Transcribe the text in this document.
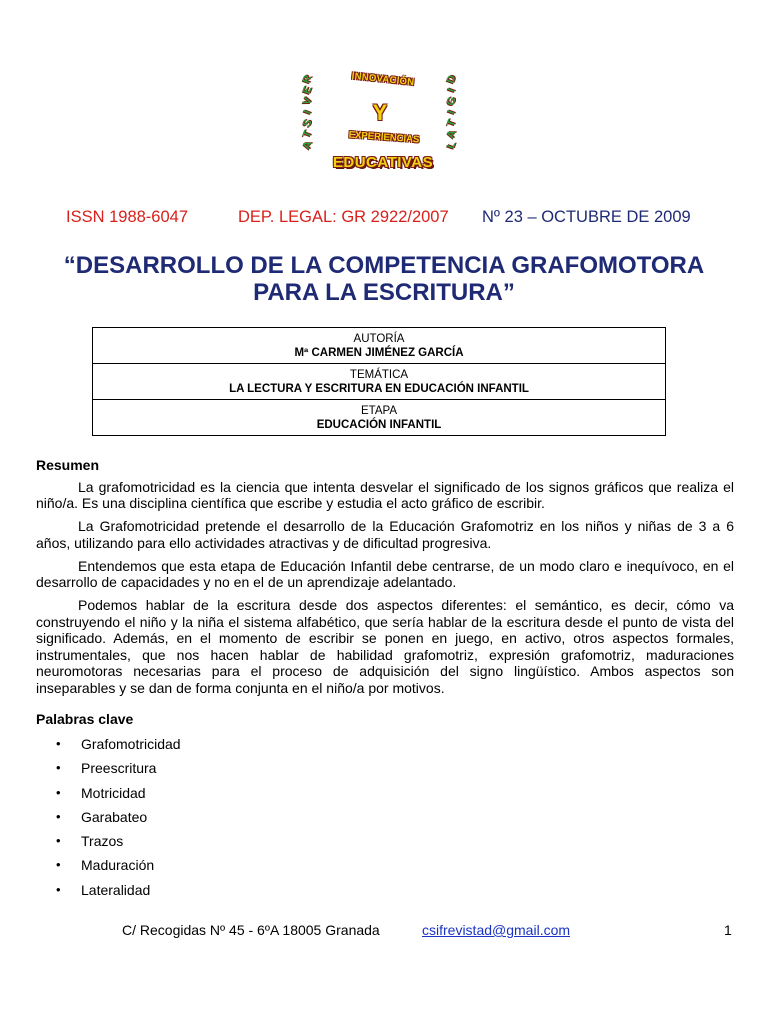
R
E
V
I
S
T
A
D
I
G
I
T
A
L
INNOVACIÓN
Y
EXPERIENCIAS
EDUCATIVAS
ISSN 1988-6047	DEP. LEGAL: GR 2922/2007 Nº 23 – OCTUBRE DE 2009
“DESARROLLO DE LA COMPETENCIA GRAFOMOTORA
PARA LA ESCRITURA”
AUTORÍA
Mª CARMEN JIMÉNEZ GARCÍA
TEMÁTICA
LA LECTURA Y ESCRITURA EN EDUCACIÓN INFANTIL
ETAPA
EDUCACIÓN INFANTIL
Resumen
La grafomotricidad es la ciencia que intenta desvelar el significado de los signos gráficos que realiza el niño/a. Es una disciplina científica que escribe y estudia el acto gráfico de escribir.
La Grafomotricidad pretende el desarrollo de la Educación Grafomotriz en los niños y niñas de 3 a 6 años, utilizando para ello actividades atractivas y de dificultad progresiva.
Entendemos que esta etapa de Educación Infantil debe centrarse, de un modo claro e inequívoco, en el desarrollo de capacidades y no en el de un aprendizaje adelantado.
Podemos hablar de la escritura desde dos aspectos diferentes: el semántico, es decir, cómo va construyendo el niño y la niña el sistema alfabético, que sería hablar de la escritura desde el punto de vista del significado. Además, en el momento de escribir se ponen en juego, en activo, otros aspectos formales, instrumentales, que nos hacen hablar de habilidad grafomotriz, expresión grafomotriz, maduraciones neuromotoras necesarias para el proceso de adquisición del signo lingüístico. Ambos aspectos son inseparables y se dan de forma conjunta en el niño/a por motivos.
Palabras clave
•	Grafomotricidad
•	Preescritura
•	Motricidad
•	Garabateo
•	Trazos
•	Maduración
•	Lateralidad
C/ Recogidas Nº 45 - 6ºA 18005 Granada	csifrevistad@gmail.com	1
